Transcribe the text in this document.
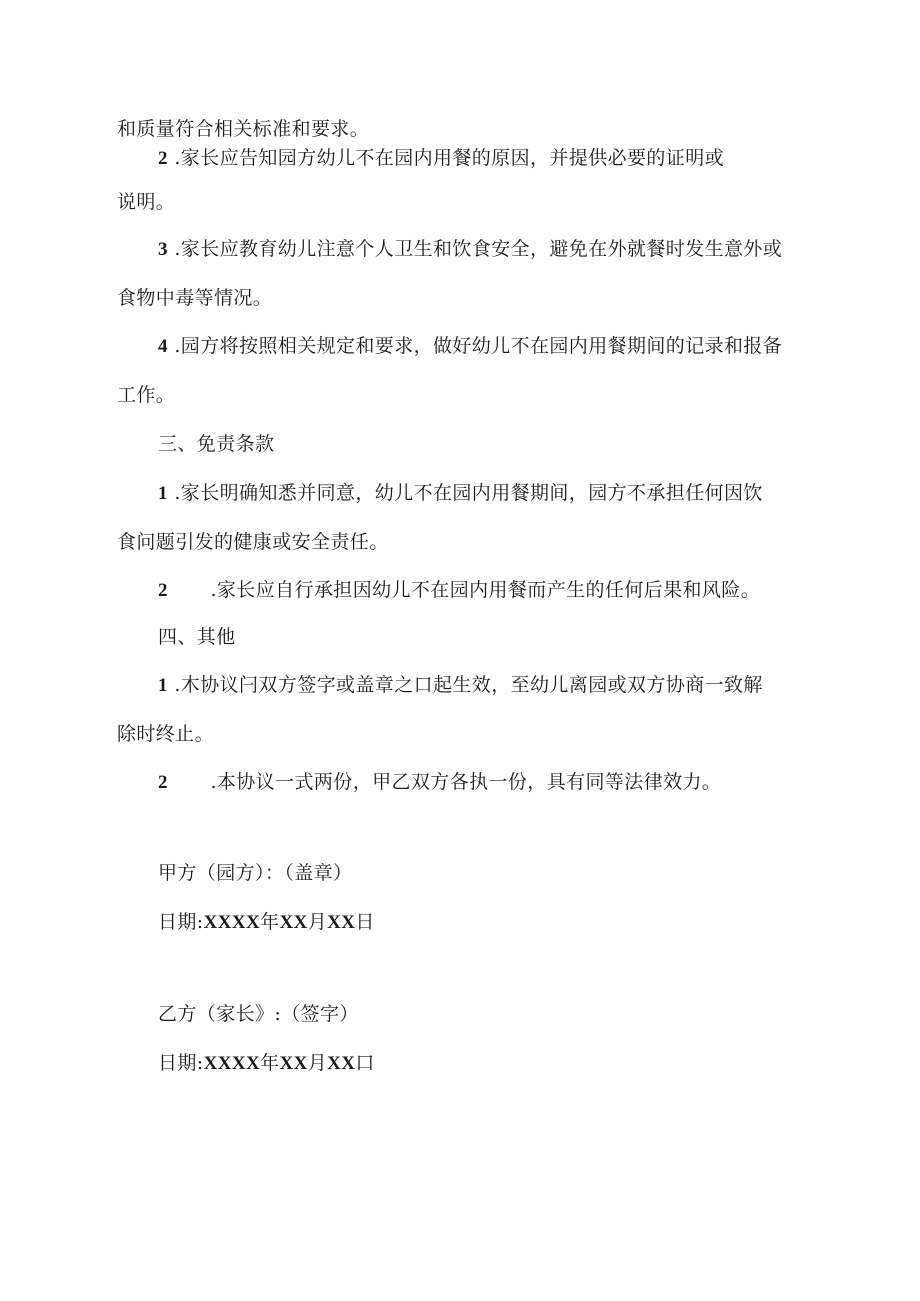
和质量符合相关标准和要求。
2 .家长应告知园方幼儿不在园内用餐的原因，并提供必要的证明或
说明。
3 .家长应教育幼儿注意个人卫生和饮食安全，避免在外就餐时发生意外或
食物中毒等情况。
4 .园方将按照相关规定和要求，做好幼儿不在园内用餐期间的记录和报备
工作。
三、免责条款
1 .家长明确知悉并同意，幼儿不在园内用餐期间，园方不承担任何因饮
食问题引发的健康或安全责任。
2 .家长应自行承担因幼儿不在园内用餐而产生的任何后果和风险。
四、其他
1 .木协议闩双方签字或盖章之口起生效，至幼儿离园或双方协商一致解
除时终止。
2 .本协议一式两份，甲乙双方各执一份，具有同等法律效力。
甲方（园方）：（盖章）
日期:XXXX年XX月XX日
乙方（家长》:（签字）
日期:XXXX年XX月XX口
